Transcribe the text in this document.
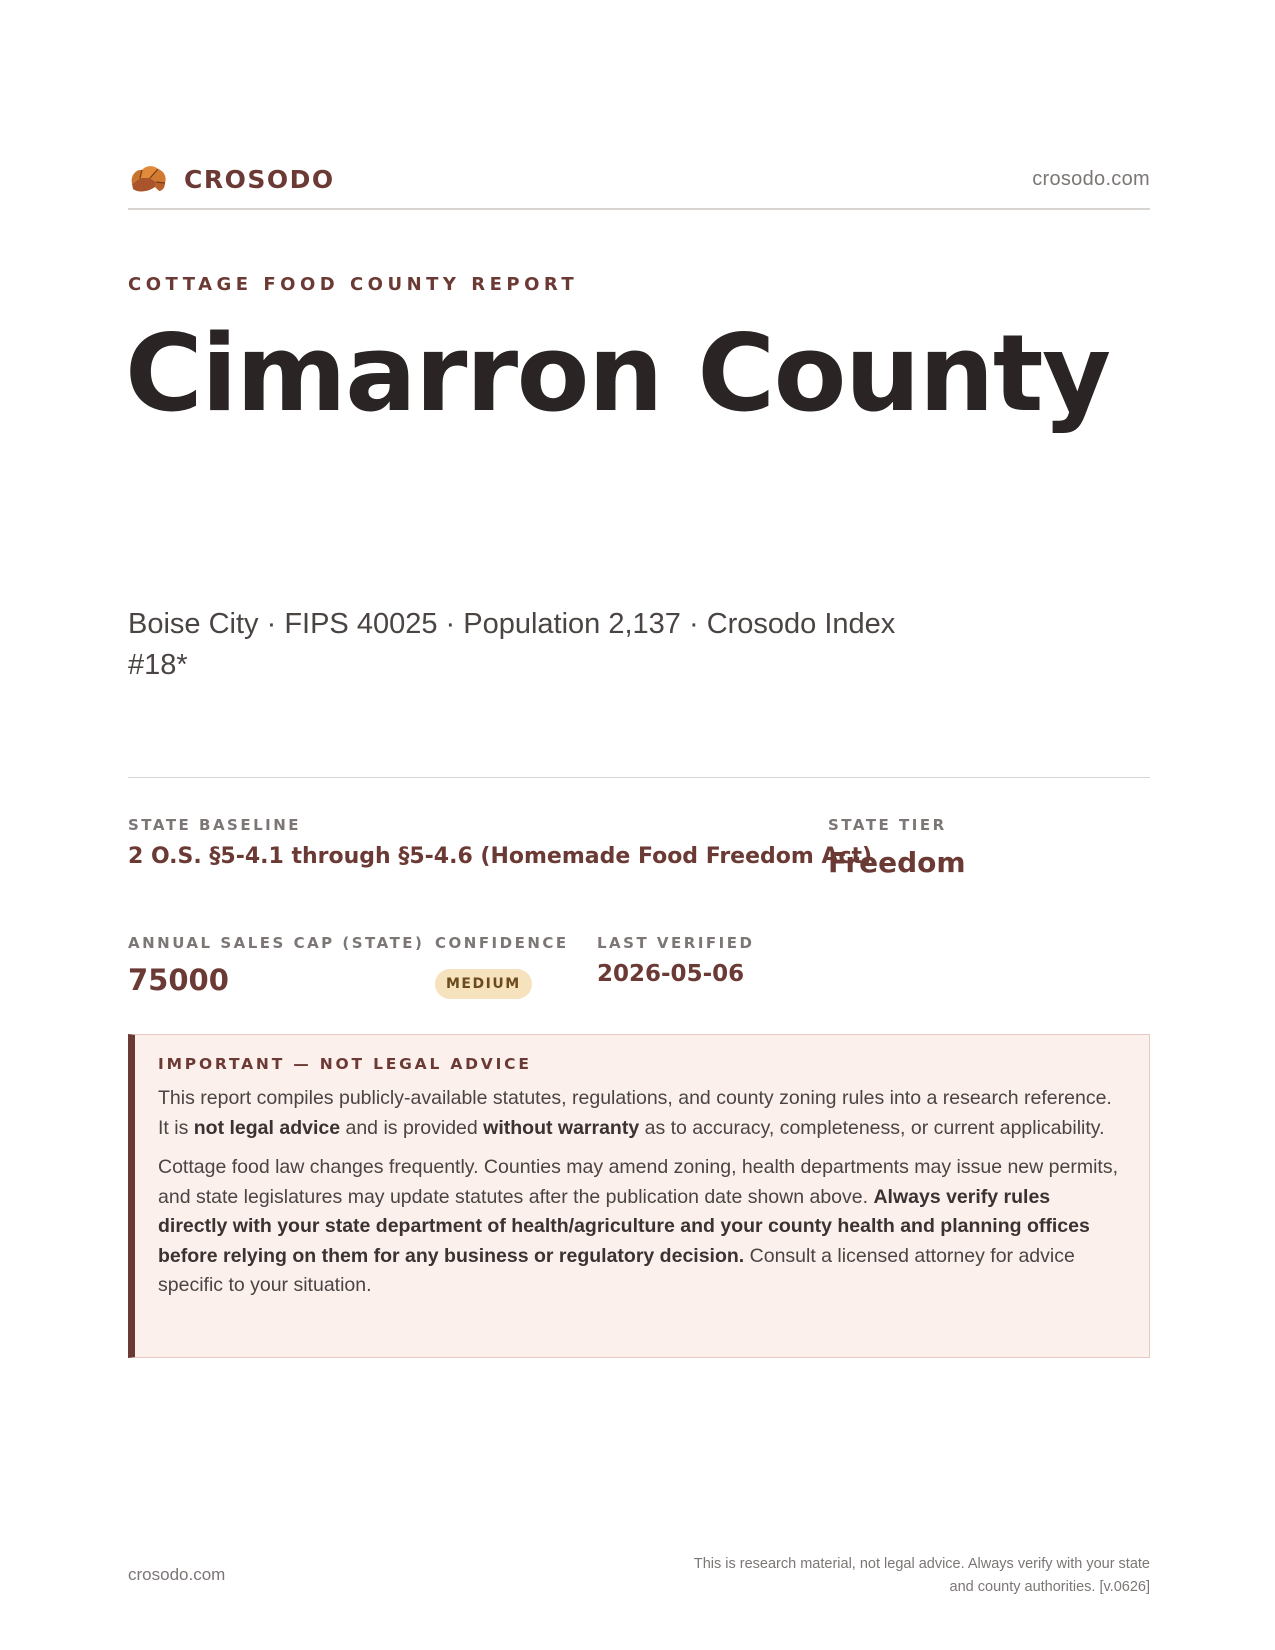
CROSODO	crosodo.com
COTTAGE FOOD COUNTY REPORT
Cimarron County
Boise City · FIPS 40025 · Population 2,137 · Crosodo Index #18*
STATE BASELINE
2 O.S. §5-4.1 through §5-4.6 (Homemade Food Freedom Act)
STATE TIER
Freedom
ANNUAL SALES CAP (STATE)
75000
CONFIDENCE
MEDIUM
LAST VERIFIED
2026-05-06
IMPORTANT — NOT LEGAL ADVICE

This report compiles publicly-available statutes, regulations, and county zoning rules into a research reference. It is not legal advice and is provided without warranty as to accuracy, completeness, or current applicability.

Cottage food law changes frequently. Counties may amend zoning, health departments may issue new permits, and state legislatures may update statutes after the publication date shown above. Always verify rules directly with your state department of health/agriculture and your county health and planning offices before relying on them for any business or regulatory decision. Consult a licensed attorney for advice specific to your situation.

crosodo.com
This is research material, not legal advice. Always verify with your state
and county authorities. [v.0626]
